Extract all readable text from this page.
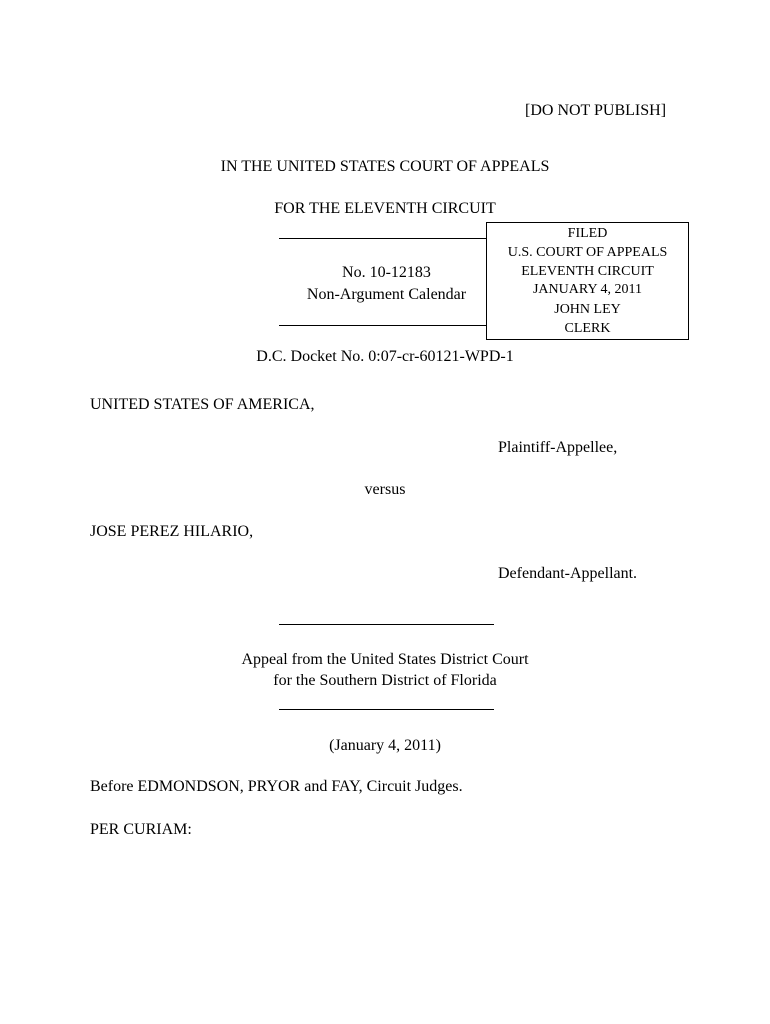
[DO NOT PUBLISH]
IN THE UNITED STATES COURT OF APPEALS
FOR THE ELEVENTH CIRCUIT
No. 10-12183
Non-Argument Calendar
FILED
U.S. COURT OF APPEALS
ELEVENTH CIRCUIT
JANUARY 4, 2011
JOHN LEY
CLERK
D.C. Docket No. 0:07-cr-60121-WPD-1
UNITED STATES OF AMERICA,
Plaintiff-Appellee,
versus
JOSE PEREZ HILARIO,
Defendant-Appellant.
Appeal from the United States District Court
for the Southern District of Florida
(January 4, 2011)
Before EDMONDSON, PRYOR and FAY, Circuit Judges.
PER CURIAM:
